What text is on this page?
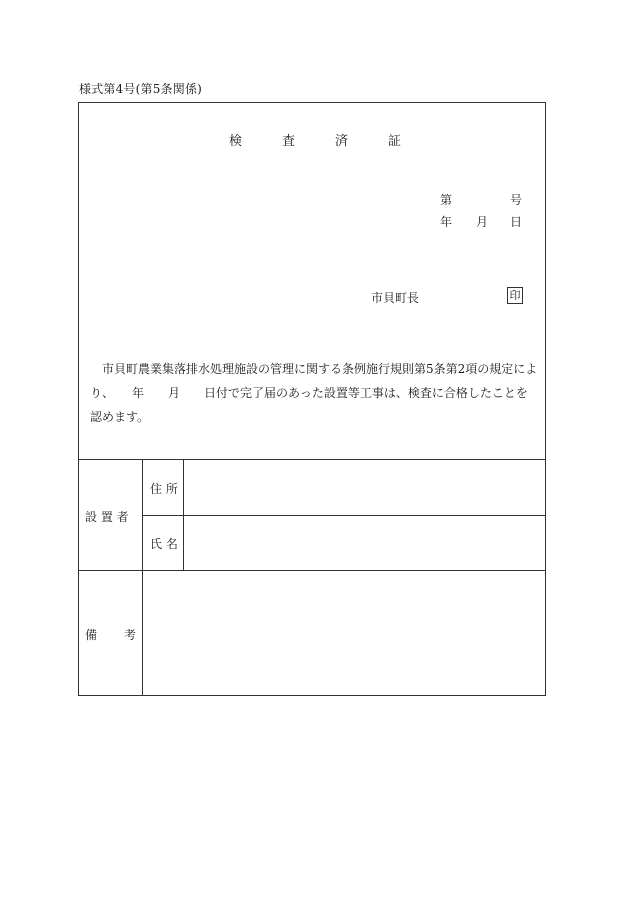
様式第4号(第5条関係)
検	査	済	証
第	号
年 月 日
市貝町長	印

市貝町農業集落排水処理施設の管理に関する条例施行規則第5条第2項の規定によ

り、　　年　　月　　日付で完了届のあった設置等工事は、検査に合格したことを

認めます。

設 置 者
住 所
氏 名
備 考
